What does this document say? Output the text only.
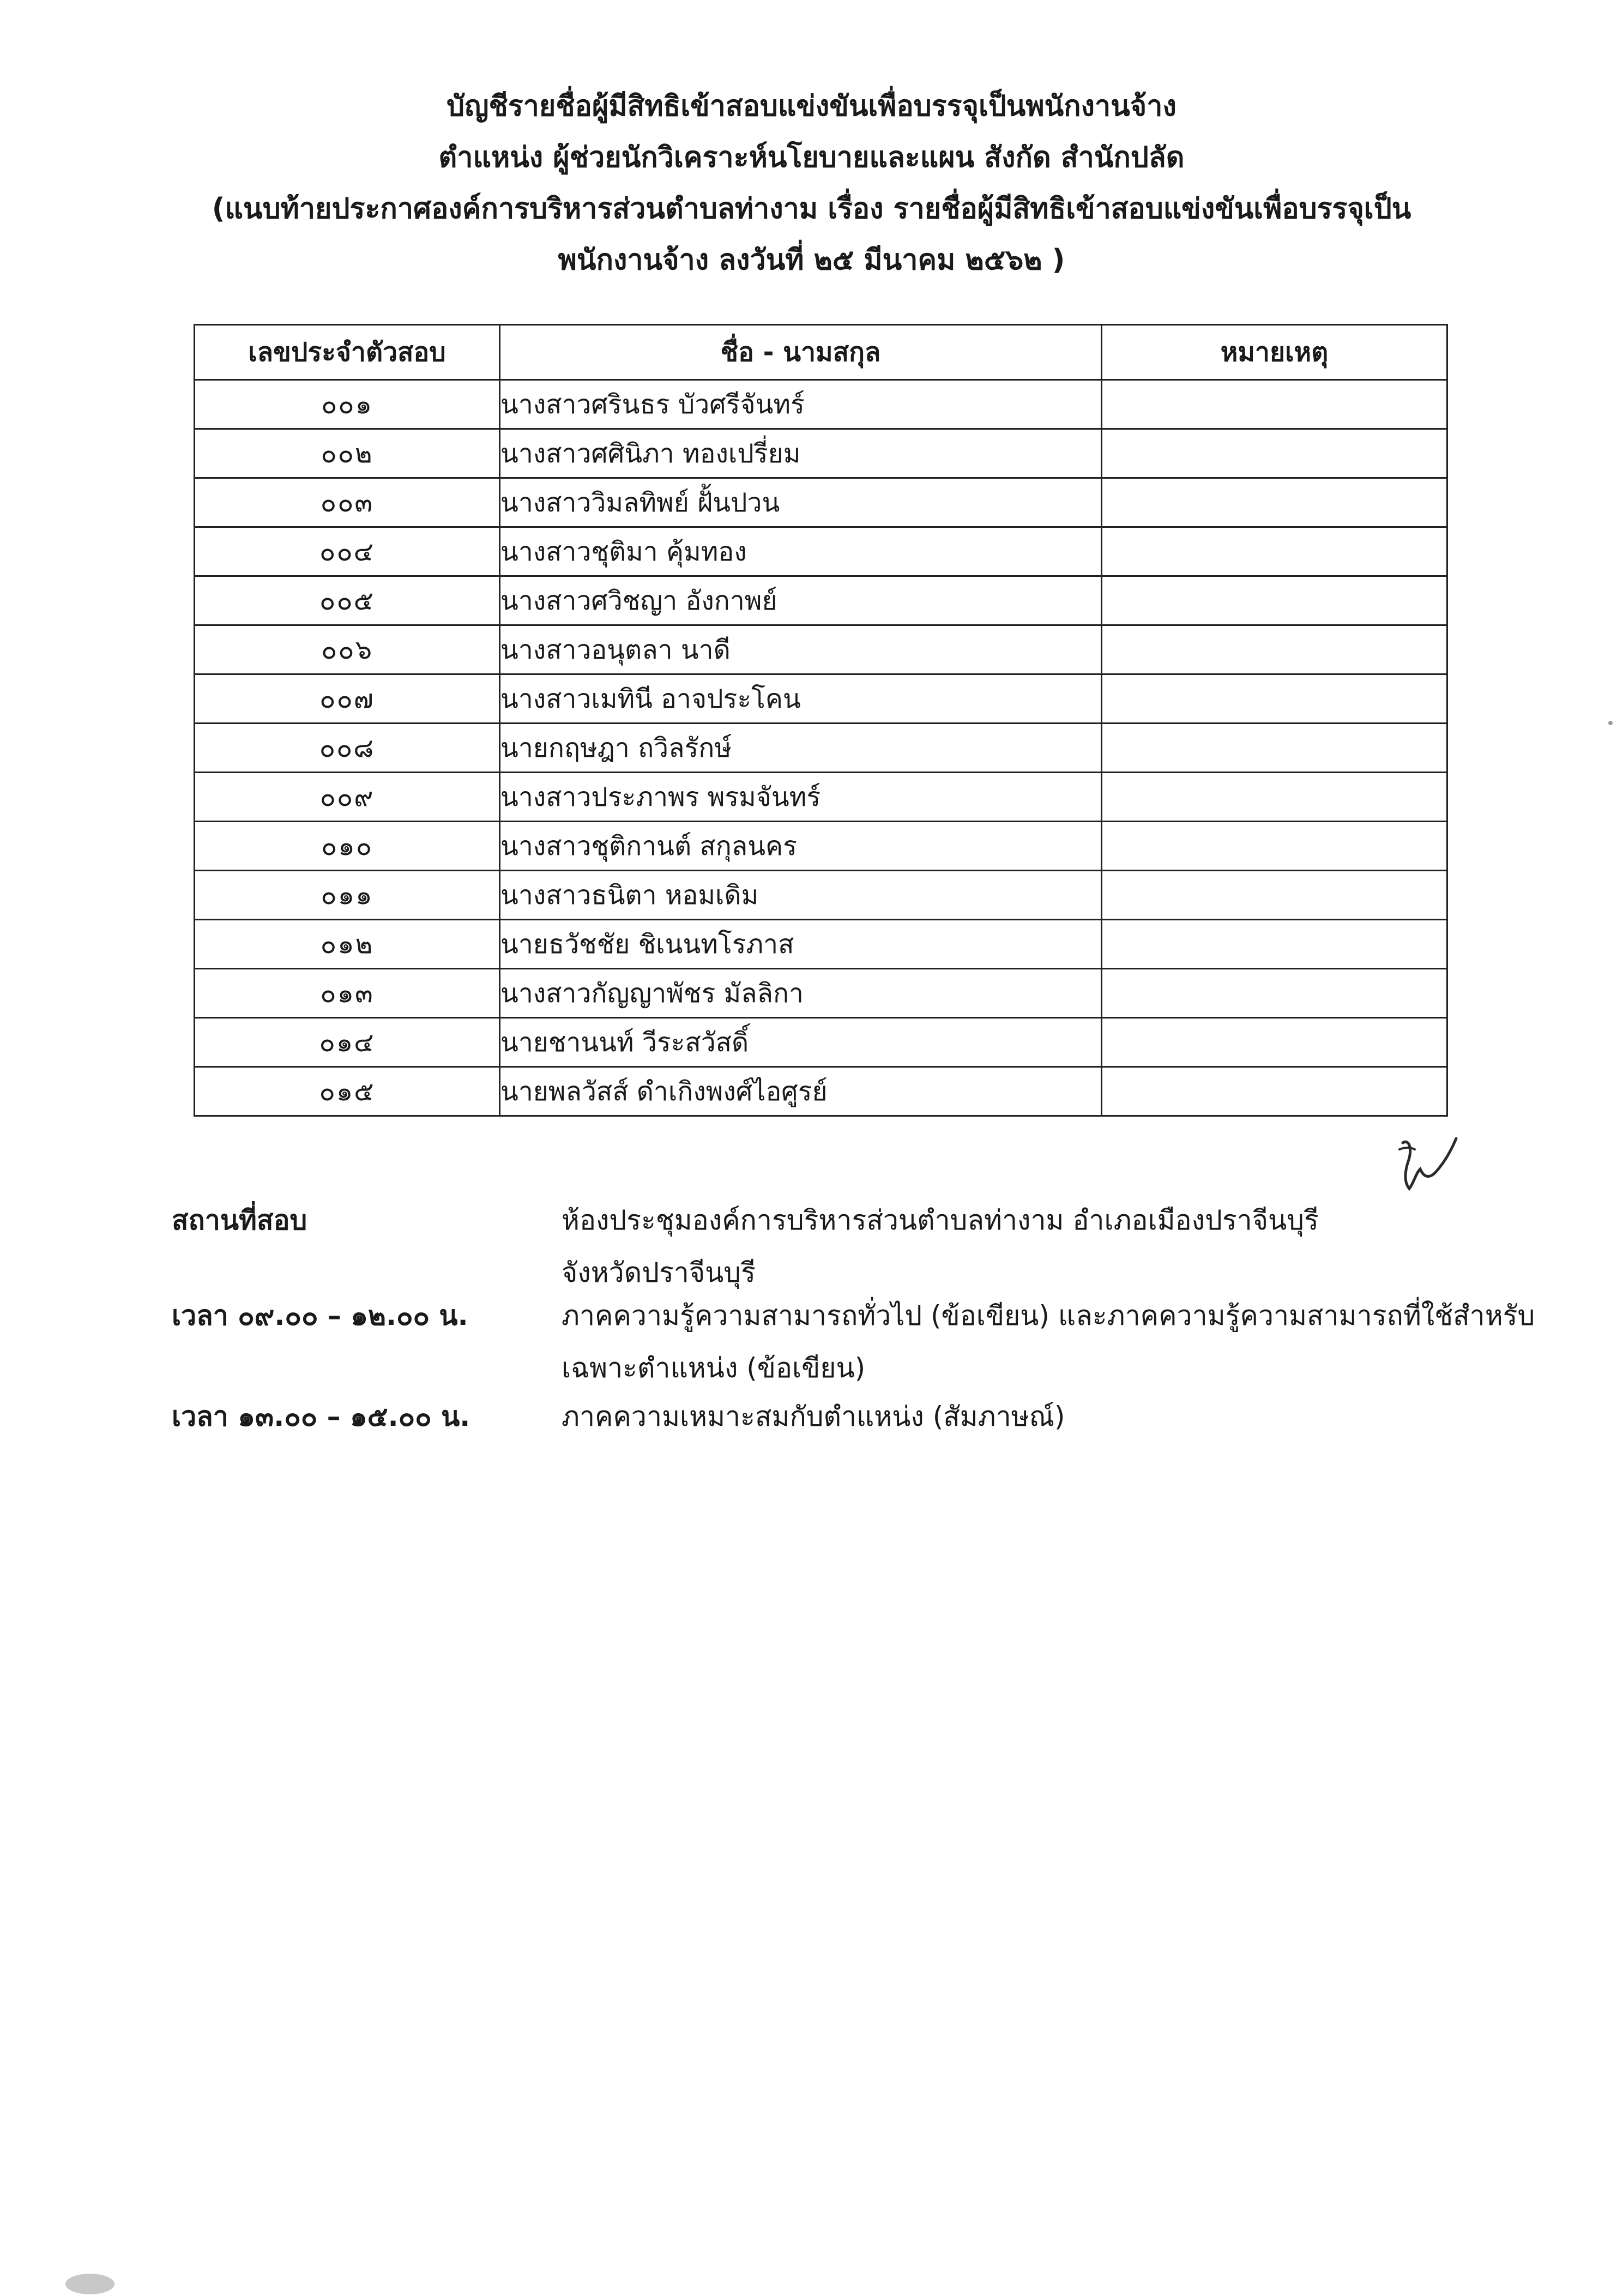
บัญชีรายชื่อผู้มีสิทธิเข้าสอบแข่งขันเพื่อบรรจุเป็นพนักงานจ้าง
ตำแหน่ง ผู้ช่วยนักวิเคราะห์นโยบายและแผน สังกัด สำนักปลัด
(แนบท้ายประกาศองค์การบริหารส่วนตำบลท่างาม เรื่อง รายชื่อผู้มีสิทธิเข้าสอบแข่งขันเพื่อบรรจุเป็น
พนักงานจ้าง ลงวันที่ ๒๕ มีนาคม ๒๕๖๒ )
เลขประจำตัวสอบ	ชื่อ - นามสกุล	หมายเหตุ
๐๐๑	นางสาวศรินธร บัวศรีจันทร์	
๐๐๒	นางสาวศศินิภา ทองเปรี่ยม	
๐๐๓	นางสาววิมลทิพย์ ฝั้นปวน	
๐๐๔	นางสาวชุติมา คุ้มทอง	
๐๐๕	นางสาวศวิชญา อังกาพย์	
๐๐๖	นางสาวอนุตลา นาดี	
๐๐๗	นางสาวเมทินี อาจประโคน	
๐๐๘	นายกฤษฎา ถวิลรักษ์	
๐๐๙	นางสาวประภาพร พรมจันทร์	
๐๑๐	นางสาวชุติกานต์ สกุลนคร	
๐๑๑	นางสาวธนิตา หอมเดิม	
๐๑๒	นายธวัชชัย ชิเนนทโรภาส	
๐๑๓	นางสาวกัญญาพัชร มัลลิกา	
๐๑๔	นายชานนท์ วีระสวัสดิ์	
๐๑๕	นายพลวัสส์ ดำเกิงพงศ์ไอศูรย์	
สถานที่สอบ	ห้องประชุมองค์การบริหารส่วนตำบลท่างาม อำเภอเมืองปราจีนบุรี
จังหวัดปราจีนบุรี
เวลา ๐๙.๐๐ – ๑๒.๐๐ น.	ภาคความรู้ความสามารถทั่วไป (ข้อเขียน) และภาคความรู้ความสามารถที่ใช้สำหรับ
เฉพาะตำแหน่ง (ข้อเขียน)
เวลา ๑๓.๐๐ – ๑๕.๐๐ น.	ภาคความเหมาะสมกับตำแหน่ง (สัมภาษณ์)
